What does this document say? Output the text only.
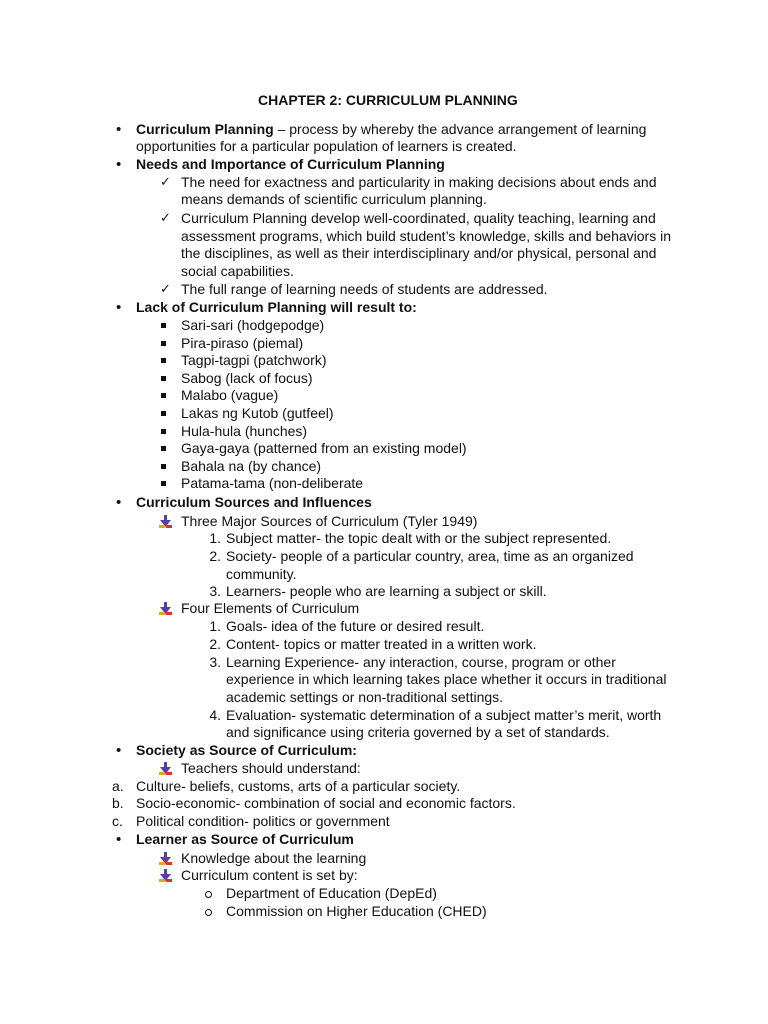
CHAPTER 2: CURRICULUM PLANNING
• Curriculum Planning – process by whereby the advance arrangement of learning
opportunities for a particular population of learners is created.
• Needs and Importance of Curriculum Planning
✓ The need for exactness and particularity in making decisions about ends and
means demands of scientific curriculum planning.
✓ Curriculum Planning develop well-coordinated, quality teaching, learning and
assessment programs, which build student’s knowledge, skills and behaviors in
the disciplines, as well as their interdisciplinary and/or physical, personal and
social capabilities.
✓ The full range of learning needs of students are addressed.
• Lack of Curriculum Planning will result to:
Sari-sari (hodgepodge)
Pira-piraso (piemal)
Tagpi-tagpi (patchwork)
Sabog (lack of focus)
Malabo (vague)
Lakas ng Kutob (gutfeel)
Hula-hula (hunches)
Gaya-gaya (patterned from an existing model)
Bahala na (by chance)
Patama-tama (non-deliberate
• Curriculum Sources and Influences
Three Major Sources of Curriculum (Tyler 1949)
1. Subject matter- the topic dealt with or the subject represented.
2. Society- people of a particular country, area, time as an organized
community.
3. Learners- people who are learning a subject or skill.
Four Elements of Curriculum
1. Goals- idea of the future or desired result.
2. Content- topics or matter treated in a written work.
3. Learning Experience- any interaction, course, program or other
experience in which learning takes place whether it occurs in traditional
academic settings or non-traditional settings.
4. Evaluation- systematic determination of a subject matter’s merit, worth
and significance using criteria governed by a set of standards.
• Society as Source of Curriculum:
Teachers should understand:
a. Culture- beliefs, customs, arts of a particular society.
b. Socio-economic- combination of social and economic factors.
c. Political condition- politics or government
• Learner as Source of Curriculum
Knowledge about the learning
Curriculum content is set by:
Department of Education (DepEd)
Commission on Higher Education (CHED)
